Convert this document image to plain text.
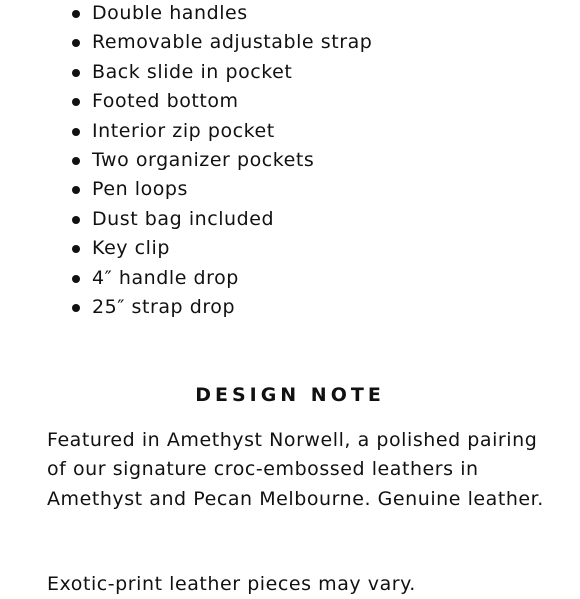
Double handles
Removable adjustable strap
Back slide in pocket
Footed bottom
Interior zip pocket
Two organizer pockets
Pen loops
Dust bag included
Key clip
4″ handle drop
25″ strap drop
DESIGN NOTE

Featured in Amethyst Norwell, a polished pairing of our signature croc-embossed leathers in Amethyst and Pecan Melbourne. Genuine leather.

Exotic-print leather pieces may vary.
